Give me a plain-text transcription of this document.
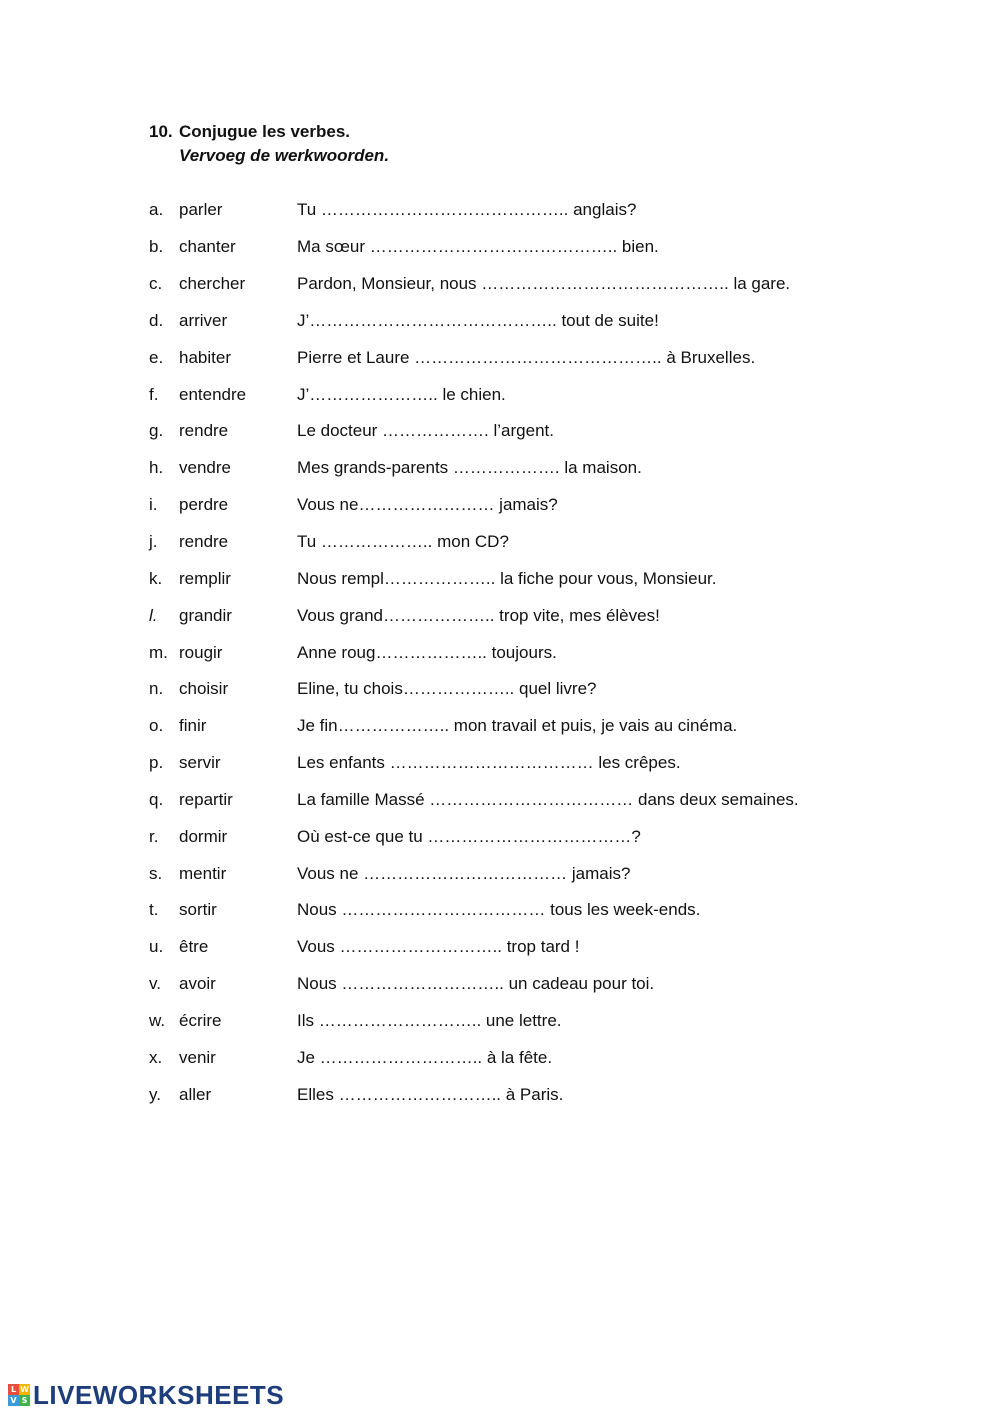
10. Conjugue les verbes.
Vervoeg de werkwoorden.
a. parler	Tu …………………………………….. anglais?
b. chanter	Ma sœur …………………………………….. bien.
c. chercher	Pardon, Monsieur, nous …………………………………….. la gare.
d. arriver	J’…………………………………….. tout de suite!
e. habiter	Pierre et Laure …………………………………….. à Bruxelles.
f.	entendre	J’………………….. le chien.
g. rendre	Le docteur ………………. l’argent.
h. vendre	Mes grands-parents ………………. la maison.
i.	perdre	Vous ne…………………… jamais?
j.	rendre	Tu ……………….. mon CD?
k. remplir	Nous rempl……………….. la fiche pour vous, Monsieur.
l.	grandir	Vous grand……………….. trop vite, mes élèves!
m. rougir	Anne roug……………….. toujours.
n. choisir	Eline, tu chois……………….. quel livre?
o. finir	Je fin……………….. mon travail et puis, je vais au cinéma.
p. servir	Les enfants ……………………………… les crêpes.
q. repartir	La famille Massé ……………………………… dans deux semaines.
r.	dormir	Où est-ce que tu ………………………………?
s. mentir	Vous ne ……………………………… jamais?
t.	sortir	Nous ……………………………… tous les week-ends.
u. être	Vous ……………………….. trop tard !
v.	avoir	Nous ……………………….. un cadeau pour toi.
w. écrire	Ils ……………………….. une lettre.
x. venir	Je ……………………….. à la fête.
y.	aller	Elles ……………………….. à Paris.
L W
V S LIVEWORKSHEETS
